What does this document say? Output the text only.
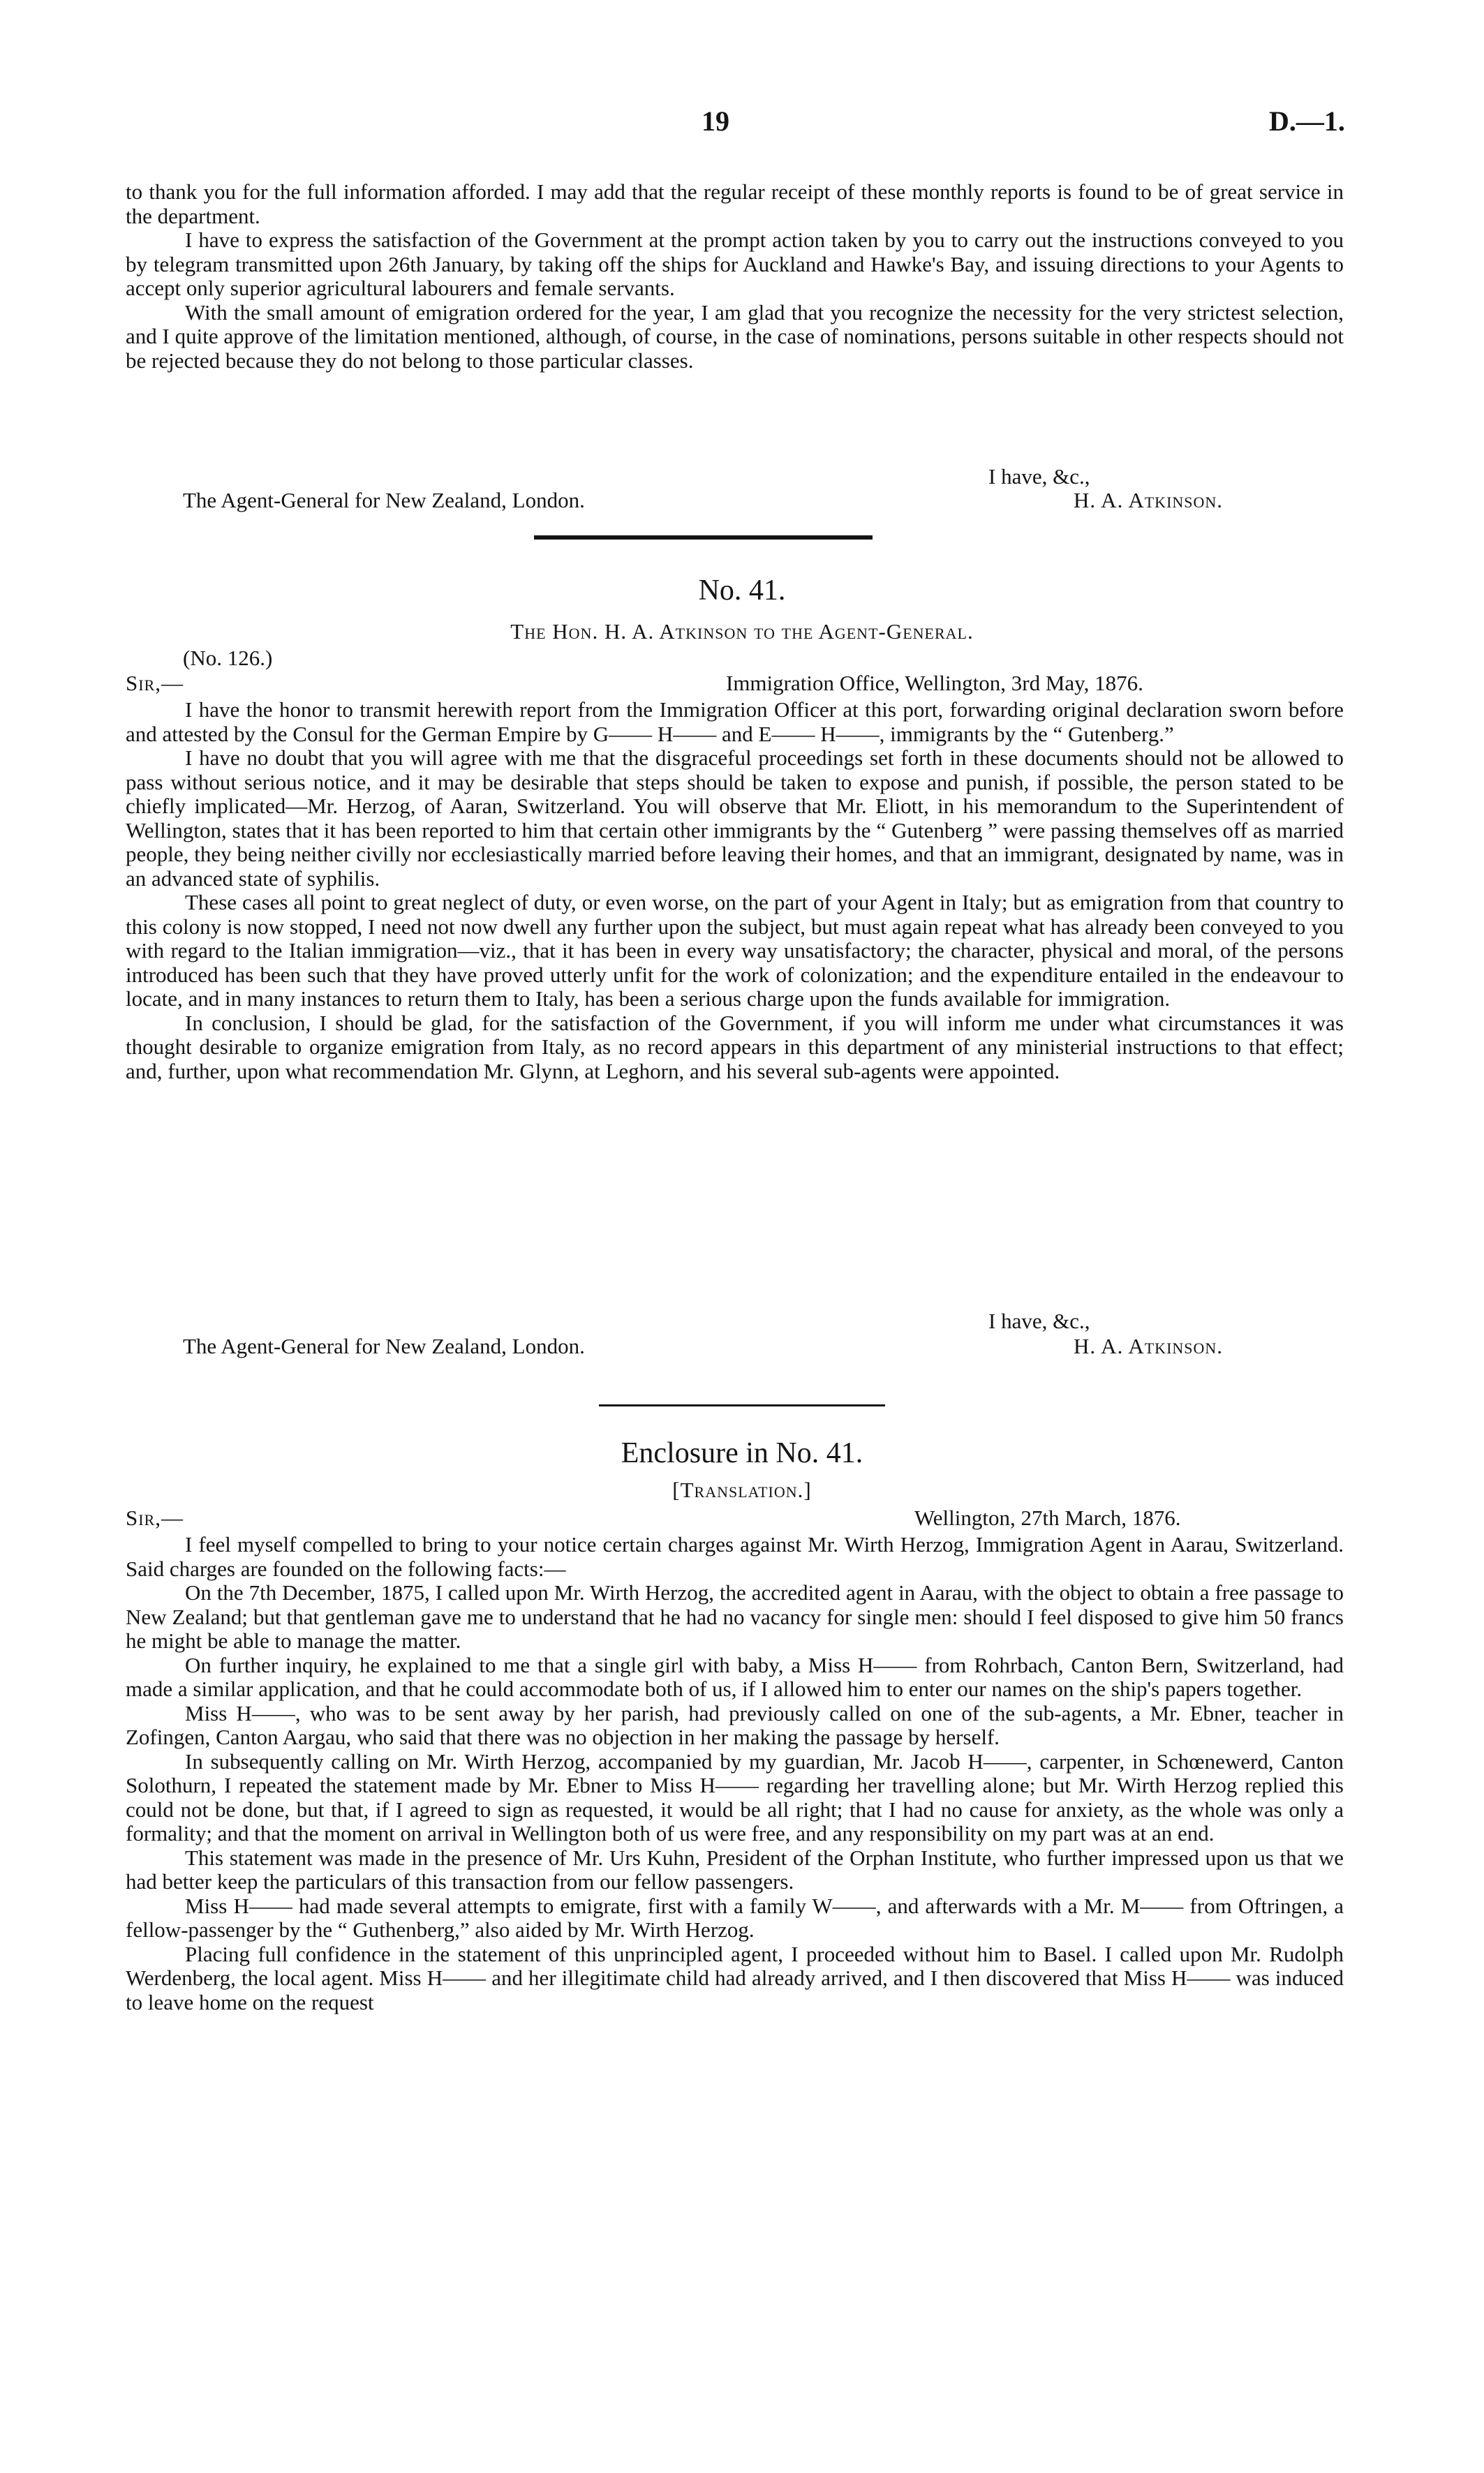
19	D.—1.

to thank you for the full information afforded. I may add that the regular receipt of these monthly reports is found to be of great service in the department.

I have to express the satisfaction of the Government at the prompt action taken by you to carry out the instructions conveyed to you by telegram transmitted upon 26th January, by taking off the ships for Auckland and Hawke's Bay, and issuing directions to your Agents to accept only superior agricultural labourers and female servants.

With the small amount of emigration ordered for the year, I am glad that you recognize the necessity for the very strictest selection, and I quite approve of the limitation mentioned, although, of course, in the case of nominations, persons suitable in other respects should not be rejected because they do not belong to those particular classes.

I have, &c.,
The Agent-General for New Zealand, London.	H. A. Atkinson.
No. 41.
The Hon. H. A. Atkinson to the Agent-General.
(No. 126.)
Sir,—	Immigration Office, Wellington, 3rd May, 1876.

I have the honor to transmit herewith report from the Immigration Officer at this port, forwarding original declaration sworn before and attested by the Consul for the German Empire by G—— H—— and E—— H——, immigrants by the “ Gutenberg.”

I have no doubt that you will agree with me that the disgraceful proceedings set forth in these documents should not be allowed to pass without serious notice, and it may be desirable that steps should be taken to expose and punish, if possible, the person stated to be chiefly implicated—Mr. Herzog, of Aaran, Switzerland. You will observe that Mr. Eliott, in his memorandum to the Superintendent of Wellington, states that it has been reported to him that certain other immigrants by the “ Gutenberg ” were passing themselves off as married people, they being neither civilly nor ecclesiastically married before leaving their homes, and that an immigrant, designated by name, was in an advanced state of syphilis.

These cases all point to great neglect of duty, or even worse, on the part of your Agent in Italy; but as emigration from that country to this colony is now stopped, I need not now dwell any further upon the subject, but must again repeat what has already been conveyed to you with regard to the Italian immigration—viz., that it has been in every way unsatisfactory; the character, physical and moral, of the persons introduced has been such that they have proved utterly unfit for the work of colonization; and the expenditure entailed in the endeavour to locate, and in many instances to return them to Italy, has been a serious charge upon the funds available for immigration.

In conclusion, I should be glad, for the satisfaction of the Government, if you will inform me under what circumstances it was thought desirable to organize emigration from Italy, as no record appears in this department of any ministerial instructions to that effect; and, further, upon what recommendation Mr. Glynn, at Leghorn, and his several sub-agents were appointed.

I have, &c.,
The Agent-General for New Zealand, London.	H. A. Atkinson.
Enclosure in No. 41.
[Translation.]
Sir,—	Wellington, 27th March, 1876.

I feel myself compelled to bring to your notice certain charges against Mr. Wirth Herzog, Immigration Agent in Aarau, Switzerland. Said charges are founded on the following facts:—

On the 7th December, 1875, I called upon Mr. Wirth Herzog, the accredited agent in Aarau, with the object to obtain a free passage to New Zealand; but that gentleman gave me to understand that he had no vacancy for single men: should I feel disposed to give him 50 francs he might be able to manage the matter.

On further inquiry, he explained to me that a single girl with baby, a Miss H—— from Rohrbach, Canton Bern, Switzerland, had made a similar application, and that he could accommodate both of us, if I allowed him to enter our names on the ship's papers together.

Miss H——, who was to be sent away by her parish, had previously called on one of the sub-agents, a Mr. Ebner, teacher in Zofingen, Canton Aargau, who said that there was no objection in her making the passage by herself.

In subsequently calling on Mr. Wirth Herzog, accompanied by my guardian, Mr. Jacob H——, carpenter, in Schœnewerd, Canton Solothurn, I repeated the statement made by Mr. Ebner to Miss H—— regarding her travelling alone; but Mr. Wirth Herzog replied this could not be done, but that, if I agreed to sign as requested, it would be all right; that I had no cause for anxiety, as the whole was only a formality; and that the moment on arrival in Wellington both of us were free, and any responsibility on my part was at an end.

This statement was made in the presence of Mr. Urs Kuhn, President of the Orphan Institute, who further impressed upon us that we had better keep the particulars of this transaction from our fellow passengers.

Miss H—— had made several attempts to emigrate, first with a family W——, and afterwards with a Mr. M—— from Oftringen, a fellow-passenger by the “ Guthenberg,” also aided by Mr. Wirth Herzog.

Placing full confidence in the statement of this unprincipled agent, I proceeded without him to Basel. I called upon Mr. Rudolph Werdenberg, the local agent. Miss H—— and her illegitimate child had already arrived, and I then discovered that Miss H—— was induced to leave home on the request
